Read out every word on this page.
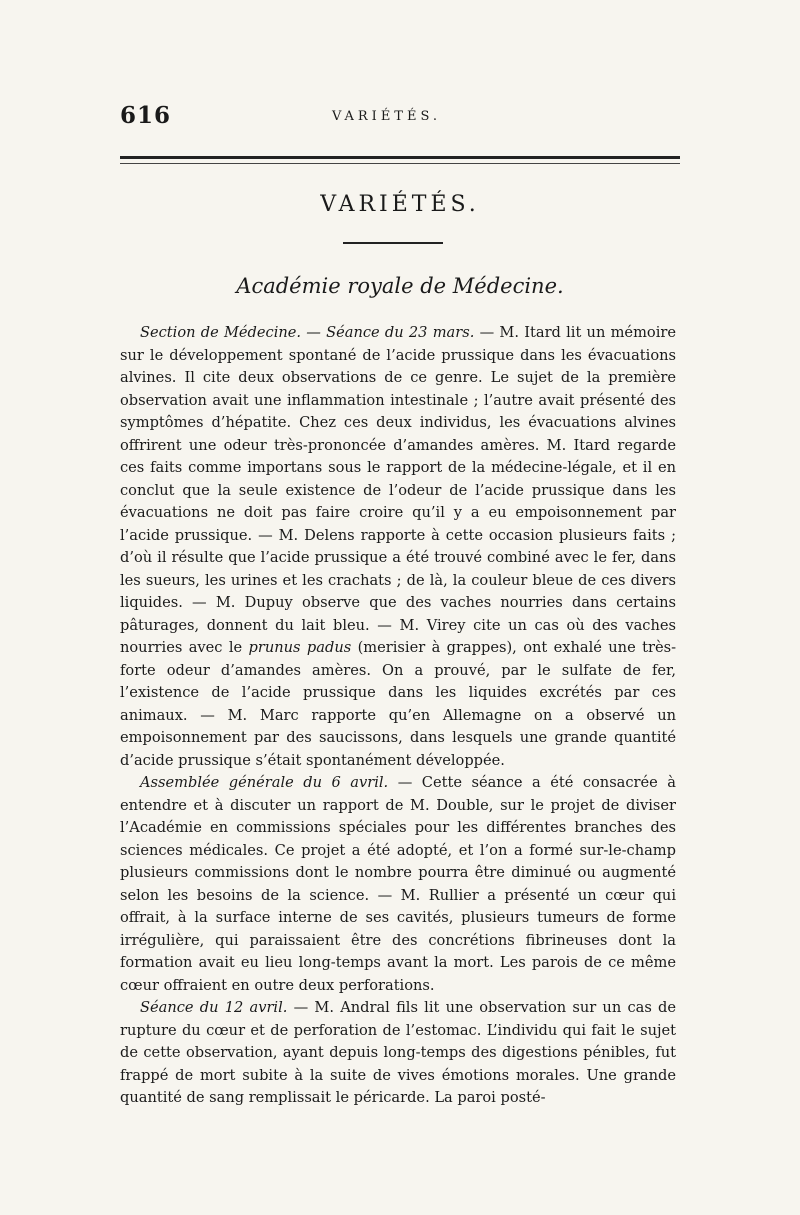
616	VARIÉTÉS.
VARIÉTÉS.
Académie royale de Médecine.

Section de Médecine. — Séance du 23 mars. — M. Itard lit un mémoire sur le développement spontané de l’acide prussique dans les évacuations alvines. Il cite deux observations de ce genre. Le sujet de la première observation avait une inflammation intestinale ; l’autre avait présenté des symptômes d’hépatite. Chez ces deux individus, les évacuations alvines offrirent une odeur très-prononcée d’amandes amères. M. Itard regarde ces faits comme importans sous le rapport de la médecine-légale, et il en conclut que la seule existence de l’odeur de l’acide prussique dans les évacuations ne doit pas faire croire qu’il y a eu empoisonnement par l’acide prussique. — M. Delens rapporte à cette occasion plusieurs faits ; d’où il résulte que l’acide prussique a été trouvé combiné avec le fer, dans les sueurs, les urines et les crachats ; de là, la couleur bleue de ces divers liquides. — M. Dupuy observe que des vaches nourries dans certains pâturages, donnent du lait bleu. — M. Virey cite un cas où des vaches nourries avec le prunus padus (merisier à grappes), ont exhalé une très-forte odeur d’amandes amères. On a prouvé, par le sulfate de fer, l’existence de l’acide prussique dans les liquides excrétés par ces animaux. — M. Marc rapporte qu’en Allemagne on a observé un empoisonnement par des saucissons, dans lesquels une grande quantité d’acide prussique s’était spontanément développée.

Assemblée générale du 6 avril. — Cette séance a été consacrée à entendre et à discuter un rapport de M. Double, sur le projet de diviser l’Académie en commissions spéciales pour les différentes branches des sciences médicales. Ce projet a été adopté, et l’on a formé sur-le-champ plusieurs commissions dont le nombre pourra être diminué ou augmenté selon les besoins de la science. — M. Rullier a présenté un cœur qui offrait, à la surface interne de ses cavités, plusieurs tumeurs de forme irrégulière, qui paraissaient être des concrétions fibrineuses dont la formation avait eu lieu long-temps avant la mort. Les parois de ce même cœur offraient en outre deux perforations.

Séance du 12 avril. — M. Andral fils lit une observation sur un cas de rupture du cœur et de perforation de l’estomac. L’individu qui fait le sujet de cette observation, ayant depuis long-temps des digestions pénibles, fut frappé de mort subite à la suite de vives émotions morales. Une grande quantité de sang remplissait le péricarde. La paroi posté-
